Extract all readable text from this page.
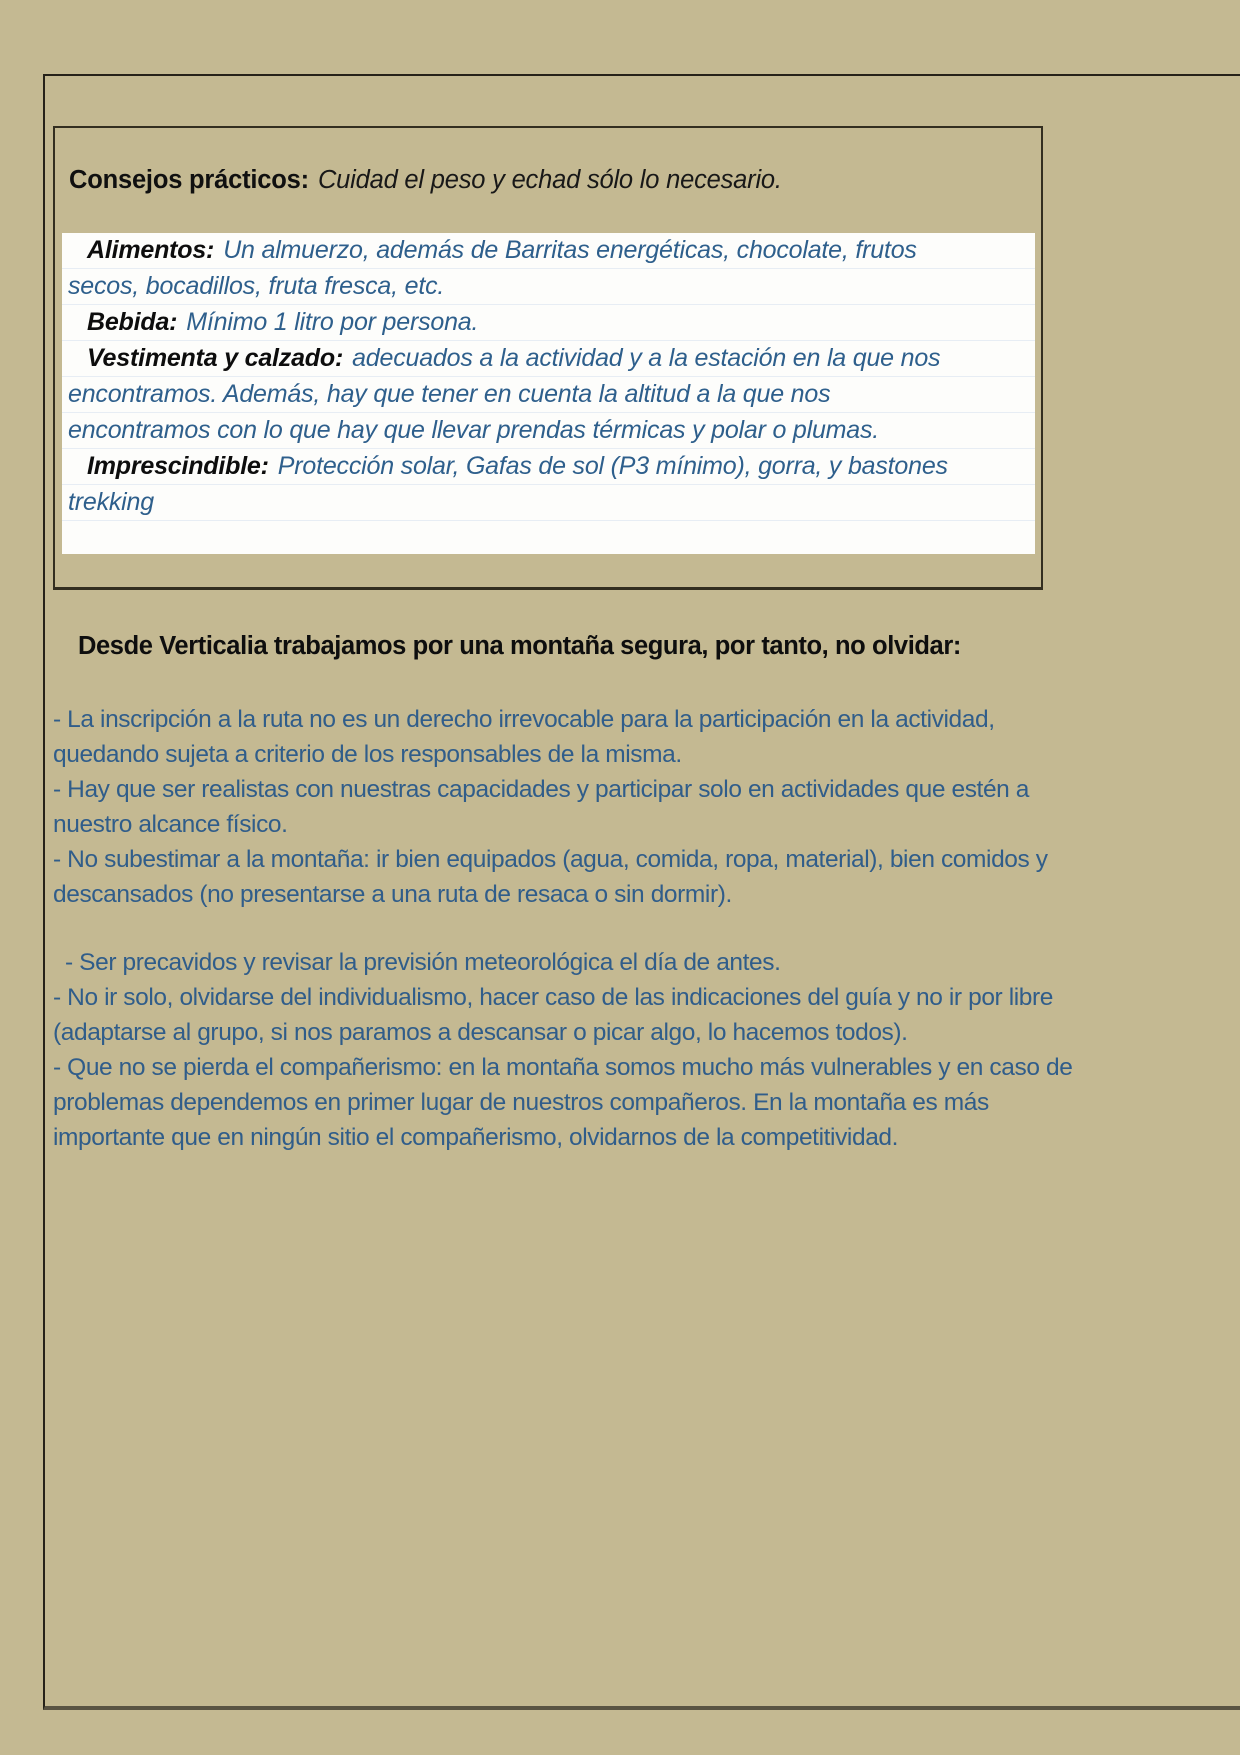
Consejos prácticos: Cuidad el peso y echad sólo lo necesario.
Alimentos: Un almuerzo, además de Barritas energéticas, chocolate, frutos
secos, bocadillos, fruta fresca, etc.
Bebida: Mínimo 1 litro por persona.
Vestimenta y calzado: adecuados a la actividad y a la estación en la que nos
encontramos. Además, hay que tener en cuenta la altitud a la que nos
encontramos con lo que hay que llevar prendas térmicas y polar o plumas.
Imprescindible: Protección solar, Gafas de sol (P3 mínimo), gorra, y bastones
trekking
Desde Verticalia trabajamos por una montaña segura, por tanto, no olvidar:
- La inscripción a la ruta no es un derecho irrevocable para la participación en la actividad,
quedando sujeta a criterio de los responsables de la misma.
- Hay que ser realistas con nuestras capacidades y participar solo en actividades que estén a
nuestro alcance físico.
- No subestimar a la montaña: ir bien equipados (agua, comida, ropa, material), bien comidos y
descansados (no presentarse a una ruta de resaca o sin dormir).
- Ser precavidos y revisar la previsión meteorológica el día de antes.
- No ir solo, olvidarse del individualismo, hacer caso de las indicaciones del guía y no ir por libre
(adaptarse al grupo, si nos paramos a descansar o picar algo, lo hacemos todos).
- Que no se pierda el compañerismo: en la montaña somos mucho más vulnerables y en caso de
problemas dependemos en primer lugar de nuestros compañeros. En la montaña es más
importante que en ningún sitio el compañerismo, olvidarnos de la competitividad.
